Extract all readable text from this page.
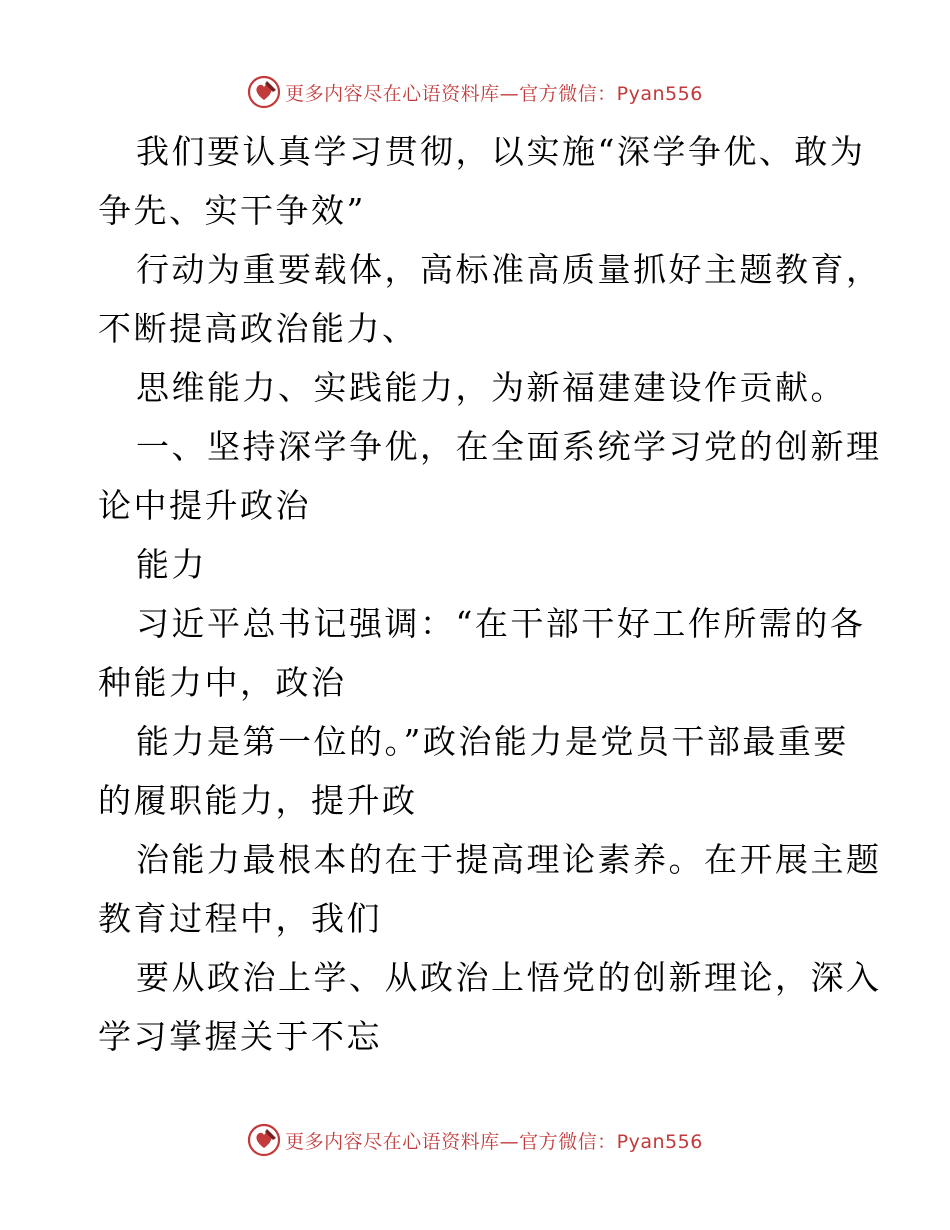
更多内容尽在心语资料库—官方微信：Pyan556
我们要认真学习贯彻，以实施“深学争优、敢为
争先、实干争效”
行动为重要载体，高标准高质量抓好主题教育，
不断提高政治能力、
思维能力、实践能力，为新福建建设作贡献。
一、坚持深学争优，在全面系统学习党的创新理
论中提升政治
能力
习近平总书记强调：“在干部干好工作所需的各
种能力中，政治
能力是第一位的。”政治能力是党员干部最重要
的履职能力，提升政
治能力最根本的在于提高理论素养。在开展主题
教育过程中，我们
要从政治上学、从政治上悟党的创新理论，深入
学习掌握关于不忘
更多内容尽在心语资料库—官方微信：Pyan556
